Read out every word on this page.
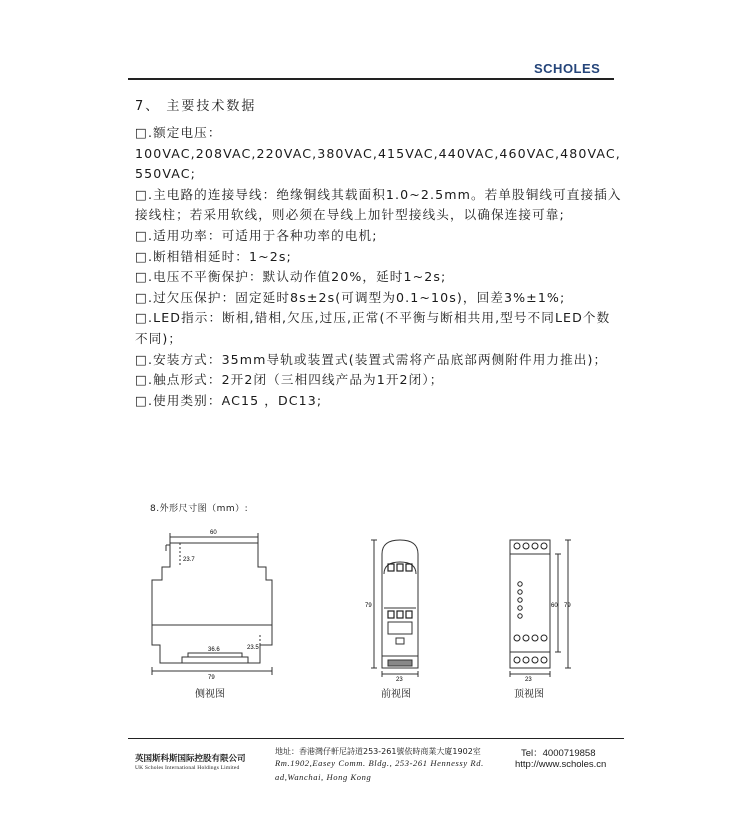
SCHOLES
7、 主要技术数据

□.额定电压：

100VAC,208VAC,220VAC,380VAC,415VAC,440VAC,460VAC,480VAC,550VAC;

□.主电路的连接导线：绝缘铜线其载面积1.0~2.5mm。若单股铜线可直接插入接线柱；若采用软线，则必须在导线上加针型接线头，以确保连接可靠;

□.适用功率：可适用于各种功率的电机;

□.断相错相延时：1~2s;

□.电压不平衡保护：默认动作值20%，延时1~2s;

□.过欠压保护：固定延时8s±2s(可调型为0.1~10s)，回差3%±1%;

□.LED指示：断相,错相,欠压,过压,正常(不平衡与断相共用,型号不同LED个数不同)；

□.安装方式：35mm导轨或装置式(装置式需将产品底部两侧附件用力推出)；

□.触点形式：2开2闭（三相四线产品为1开2闭）；

□.使用类别：AC15 ，DC13;

8.外形尺寸图（mm）:
60
23.7
36.6	23.5
79
侧视图
79
23
前视图
60 79
23
顶视图
英国斯科斯国际控股有限公司
UK Scholes International Holdings Limited
地址：香港灣仔軒尼詩道253-261號依時商業大廈1902室
Rm.1902,Easey Comm. Bldg., 253-261 Hennessy Rd.
ad,Wanchai, Hong Kong
Tel：4000719858
http://www.scholes.cn
